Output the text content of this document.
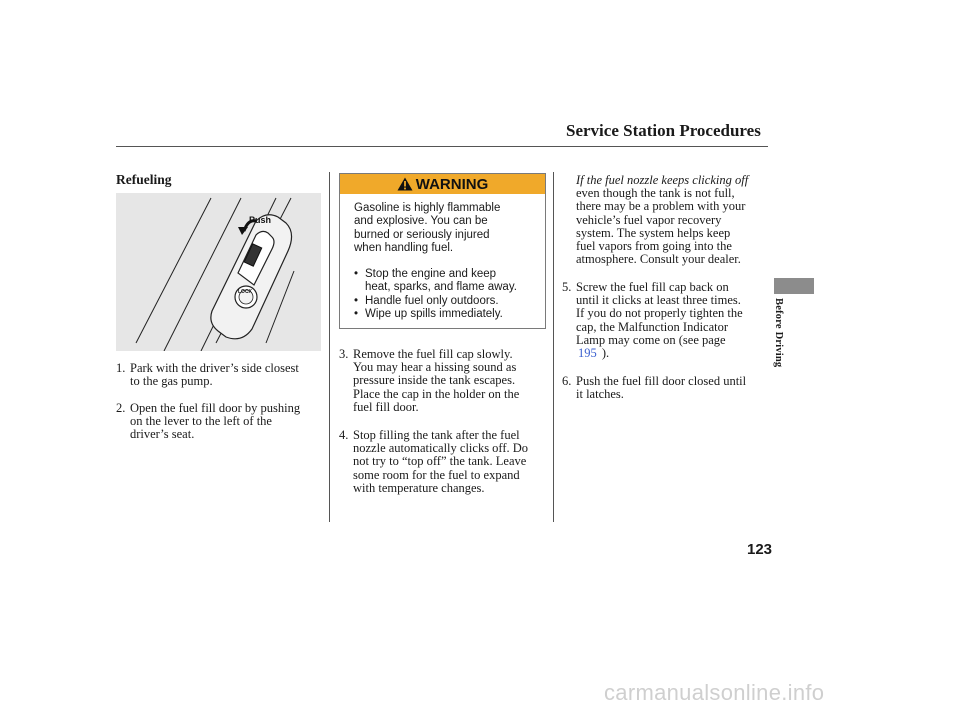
Service Station Procedures
Refueling
Push
LOCK
1. Park with the driver’s side closest
to the gas pump.
2. Open the fuel fill door by pushing
on the lever to the left of the
driver’s seat.
WARNING
Gasoline is highly flammable
and explosive. You can be
burned or seriously injured
when handling fuel.
• Stop the engine and keep
heat, sparks, and flame away.
• Handle fuel only outdoors.
• Wipe up spills immediately.
3. Remove the fuel fill cap slowly.
You may hear a hissing sound as
pressure inside the tank escapes.
Place the cap in the holder on the
fuel fill door.
4. Stop filling the tank after the fuel
nozzle automatically clicks off. Do
not try to “top off” the tank. Leave
some room for the fuel to expand
with temperature changes.
If the fuel nozzle keeps clicking off
even though the tank is not full,
there may be a problem with your
vehicle’s fuel vapor recovery
system. The system helps keep
fuel vapors from going into the
atmosphere. Consult your dealer.
5. Screw the fuel fill cap back on
until it clicks at least three times.
If you do not properly tighten the
cap, the Malfunction Indicator
Lamp may come on (see page
195 ).
6. Push the fuel fill door closed until
it latches.
Before Driving
123
carmanualsonline.info
